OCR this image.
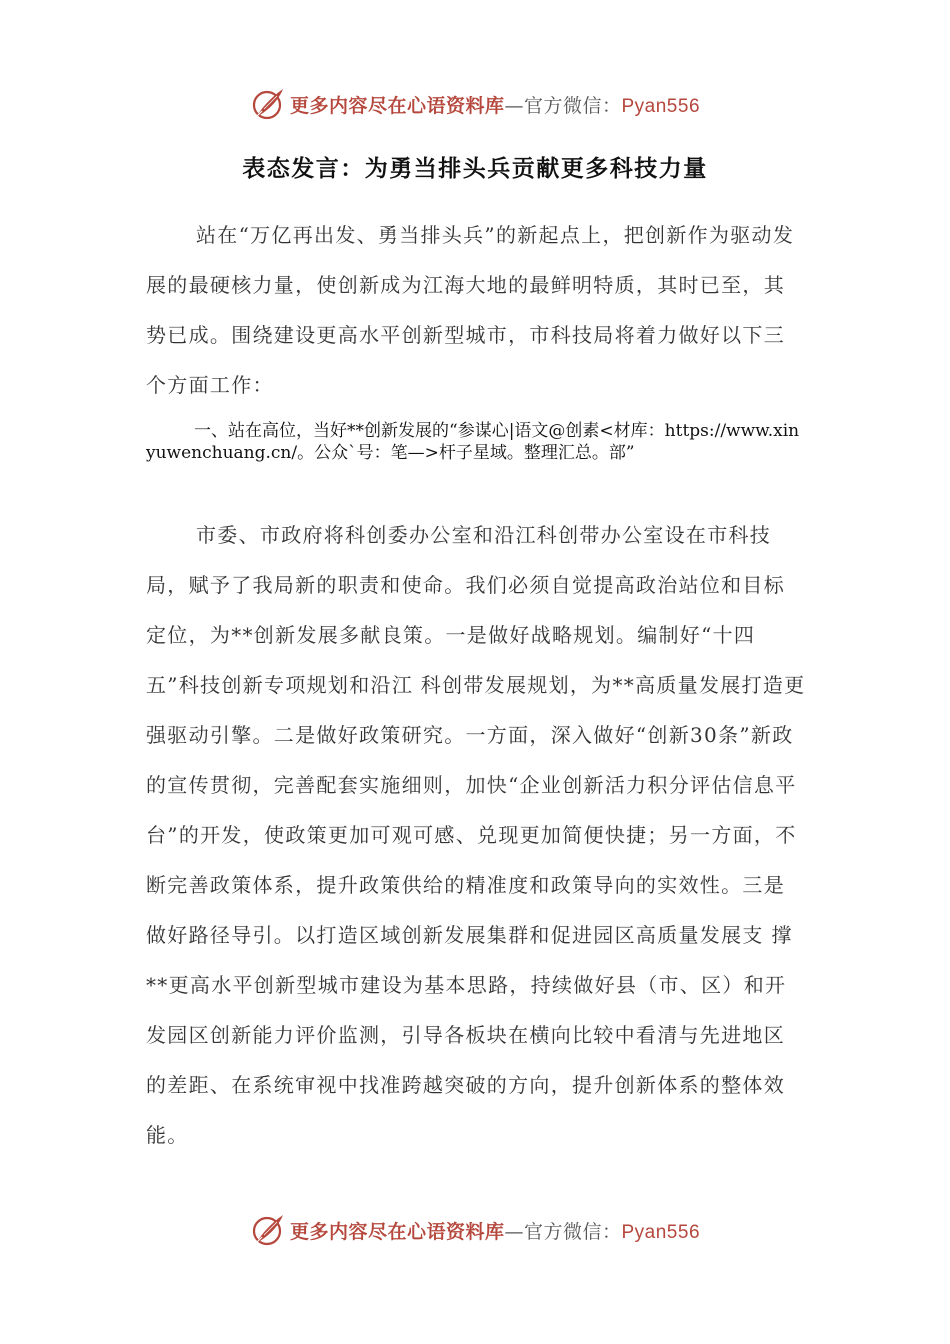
更多内容尽在心语资料库—官方微信：Pyan556
表态发言：为勇当排头兵贡献更多科技力量

站在“万亿再出发、勇当排头兵”的新起点上，把创新作为驱动发展的最硬核力量，使创新成为江海大地的最鲜明特质，其时已至，其势已成。围绕建设更高水平创新型城市，市科技局将着力做好以下三个方面工作：

一、站在高位，当好**创新发展的“参谋心|语文@创素<材库：https://www.xinyuwenchuang.cn/。公众`号：笔—>杆子星域。整理汇总。部”

市委、市政府将科创委办公室和沿江科创带办公室设在市科技局，赋予了我局新的职责和使命。我们必须自觉提高政治站位和目标定位，为**创新发展多献良策。一是做好战略规划。编制好“十四五”科技创新专项规划和沿江 科创带发展规划，为**高质量发展打造更强驱动引擎。二是做好政策研究。一方面，深入做好“创新30条”新政的宣传贯彻，完善配套实施细则，加快“企业创新活力积分评估信息平台”的开发，使政策更加可观可感、兑现更加简便快捷；另一方面，不断完善政策体系，提升政策供给的精准度和政策导向的实效性。三是做好路径导引。以打造区域创新发展集群和促进园区高质量发展支 撑**更高水平创新型城市建设为基本思路，持续做好县（市、区）和开发园区创新能力评价监测，引导各板块在横向比较中看清与先进地区的差距、在系统审视中找准跨越突破的方向，提升创新体系的整体效能。

更多内容尽在心语资料库—官方微信：Pyan556
